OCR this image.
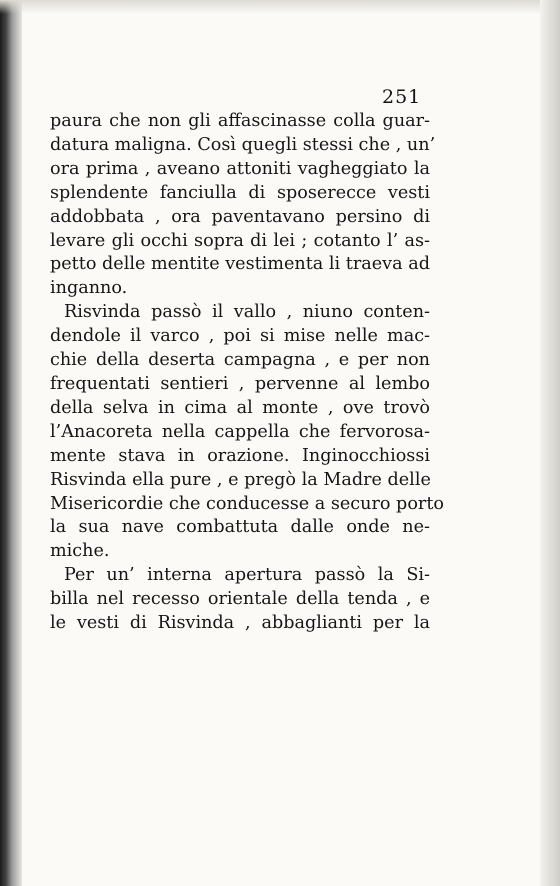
251
paura che non gli affascinasse colla guar-
datura maligna. Così quegli stessi che , un’
ora prima , aveano attoniti vagheggiato la
splendente fanciulla di sposerecce vesti
addobbata , ora paventavano persino di
levare gli occhi sopra di lei ; cotanto l’ as-
petto delle mentite vestimenta li traeva ad
inganno.
Risvinda passò il vallo , niuno conten-
dendole il varco , poi si mise nelle mac-
chie della deserta campagna , e per non
frequentati sentieri , pervenne al lembo
della selva in cima al monte , ove trovò
l’Anacoreta nella cappella che fervorosa-
mente stava in orazione. Inginocchiossi
Risvinda ella pure , e pregò la Madre delle
Misericordie che conducesse a securo porto
la sua nave combattuta dalle onde ne-
miche.
Per un’ interna apertura passò la Si-
billa nel recesso orientale della tenda , e
le vesti di Risvinda , abbaglianti per la
